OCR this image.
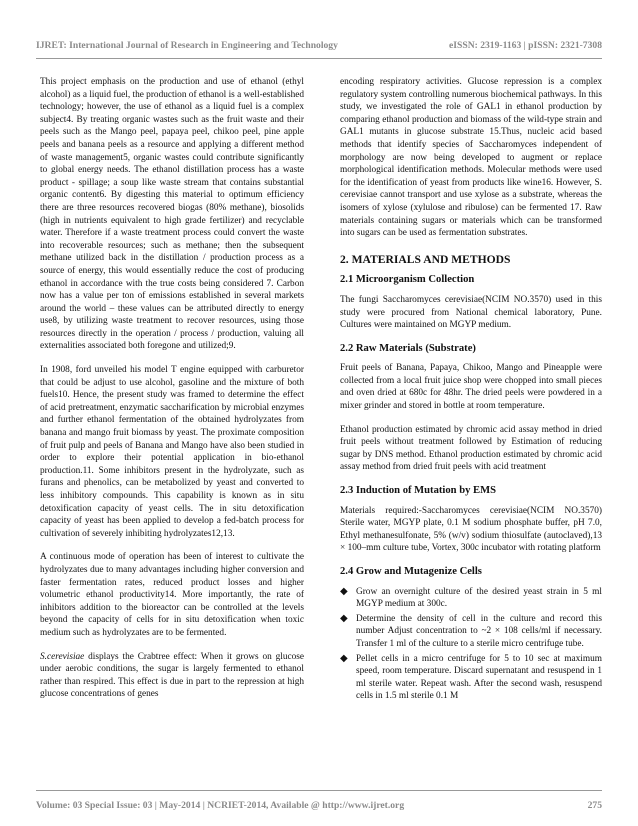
IJRET: International Journal of Research in Engineering and Technology	eISSN: 2319-1163 | pISSN: 2321-7308

This project emphasis on the production and use of ethanol (ethyl alcohol) as a liquid fuel, the production of ethanol is a well-established technology; however, the use of ethanol as a liquid fuel is a complex subject4. By treating organic wastes such as the fruit waste and their peels such as the Mango peel, papaya peel, chikoo peel, pine apple peels and banana peels as a resource and applying a different method of waste management5, organic wastes could contribute significantly to global energy needs. The ethanol distillation process has a waste product - spillage; a soup like waste stream that contains substantial organic content6. By digesting this material to optimum efficiency there are three resources recovered biogas (80% methane), biosolids (high in nutrients equivalent to high grade fertilizer) and recyclable water. Therefore if a waste treatment process could convert the waste into recoverable resources; such as methane; then the subsequent methane utilized back in the distillation / production process as a source of energy, this would essentially reduce the cost of producing ethanol in accordance with the true costs being considered 7. Carbon now has a value per ton of emissions established in several markets around the world – these values can be attributed directly to energy use8, by utilizing waste treatment to recover resources, using those resources directly in the operation / process / production, valuing all externalities associated both foregone and utilized;9.

In 1908, ford unveiled his model T engine equipped with carburetor that could be adjust to use alcohol, gasoline and the mixture of both fuels10. Hence, the present study was framed to determine the effect of acid pretreatment, enzymatic saccharification by microbial enzymes and further ethanol fermentation of the obtained hydrolyzates from banana and mango fruit biomass by yeast. The proximate composition of fruit pulp and peels of Banana and Mango have also been studied in order to explore their potential application in bio-ethanol production.11. Some inhibitors present in the hydrolyzate, such as furans and phenolics, can be metabolized by yeast and converted to less inhibitory compounds. This capability is known as in situ detoxification capacity of yeast cells. The in situ detoxification capacity of yeast has been applied to develop a fed-batch process for cultivation of severely inhibiting hydrolyzates12,13.

A continuous mode of operation has been of interest to cultivate the hydrolyzates due to many advantages including higher conversion and faster fermentation rates, reduced product losses and higher volumetric ethanol productivity14. More importantly, the rate of inhibitors addition to the bioreactor can be controlled at the levels beyond the capacity of cells for in situ detoxification when toxic medium such as hydrolyzates are to be fermented.

S.cerevisiae displays the Crabtree effect: When it grows on glucose under aerobic conditions, the sugar is largely fermented to ethanol rather than respired. This effect is due in part to the repression at high glucose concentrations of genes

encoding respiratory activities. Glucose repression is a complex regulatory system controlling numerous biochemical pathways. In this study, we investigated the role of GAL1 in ethanol production by comparing ethanol production and biomass of the wild-type strain and GAL1 mutants in glucose substrate 15.Thus, nucleic acid based methods that identify species of Saccharomyces independent of morphology are now being developed to augment or replace morphological identification methods. Molecular methods were used for the identification of yeast from products like wine16. However, S. cerevisiae cannot transport and use xylose as a substrate, whereas the isomers of xylose (xylulose and ribulose) can be fermented 17. Raw materials containing sugars or materials which can be transformed into sugars can be used as fermentation substrates.

2. MATERIALS AND METHODS
2.1 Microorganism Collection

The fungi Saccharomyces cerevisiae(NCIM NO.3570) used in this study were procured from National chemical laboratory, Pune. Cultures were maintained on MGYP medium.

2.2 Raw Materials (Substrate)

Fruit peels of Banana, Papaya, Chikoo, Mango and Pineapple were collected from a local fruit juice shop were chopped into small pieces and oven dried at 680c for 48hr. The dried peels were powdered in a mixer grinder and stored in bottle at room temperature.

Ethanol production estimated by chromic acid assay method in dried fruit peels without treatment followed by Estimation of reducing sugar by DNS method. Ethanol production estimated by chromic acid assay method from dried fruit peels with acid treatment

2.3 Induction of Mutation by EMS

Materials required:-Saccharomyces cerevisiae(NCIM NO.3570) Sterile water, MGYP plate, 0.1 M sodium phosphate buffer, pH 7.0, Ethyl methanesulfonate, 5% (w/v) sodium thiosulfate (autoclaved),13 × 100–mm culture tube, Vortex, 300c incubator with rotating platform

2.4 Grow and Mutagenize Cells
◆ Grow an overnight culture of the desired yeast strain in 5 ml MGYP medium at 300c.
◆ Determine the density of cell in the culture and record this number Adjust concentration to ~2 × 108 cells/ml if necessary. Transfer 1 ml of the culture to a sterile micro centrifuge tube.
◆ Pellet cells in a micro centrifuge for 5 to 10 sec at maximum speed, room temperature. Discard supernatant and resuspend in 1 ml sterile water. Repeat wash. After the second wash, resuspend cells in 1.5 ml sterile 0.1 M
Volume: 03 Special Issue: 03 | May-2014 | NCRIET-2014, Available @ http://www.ijret.org	275
